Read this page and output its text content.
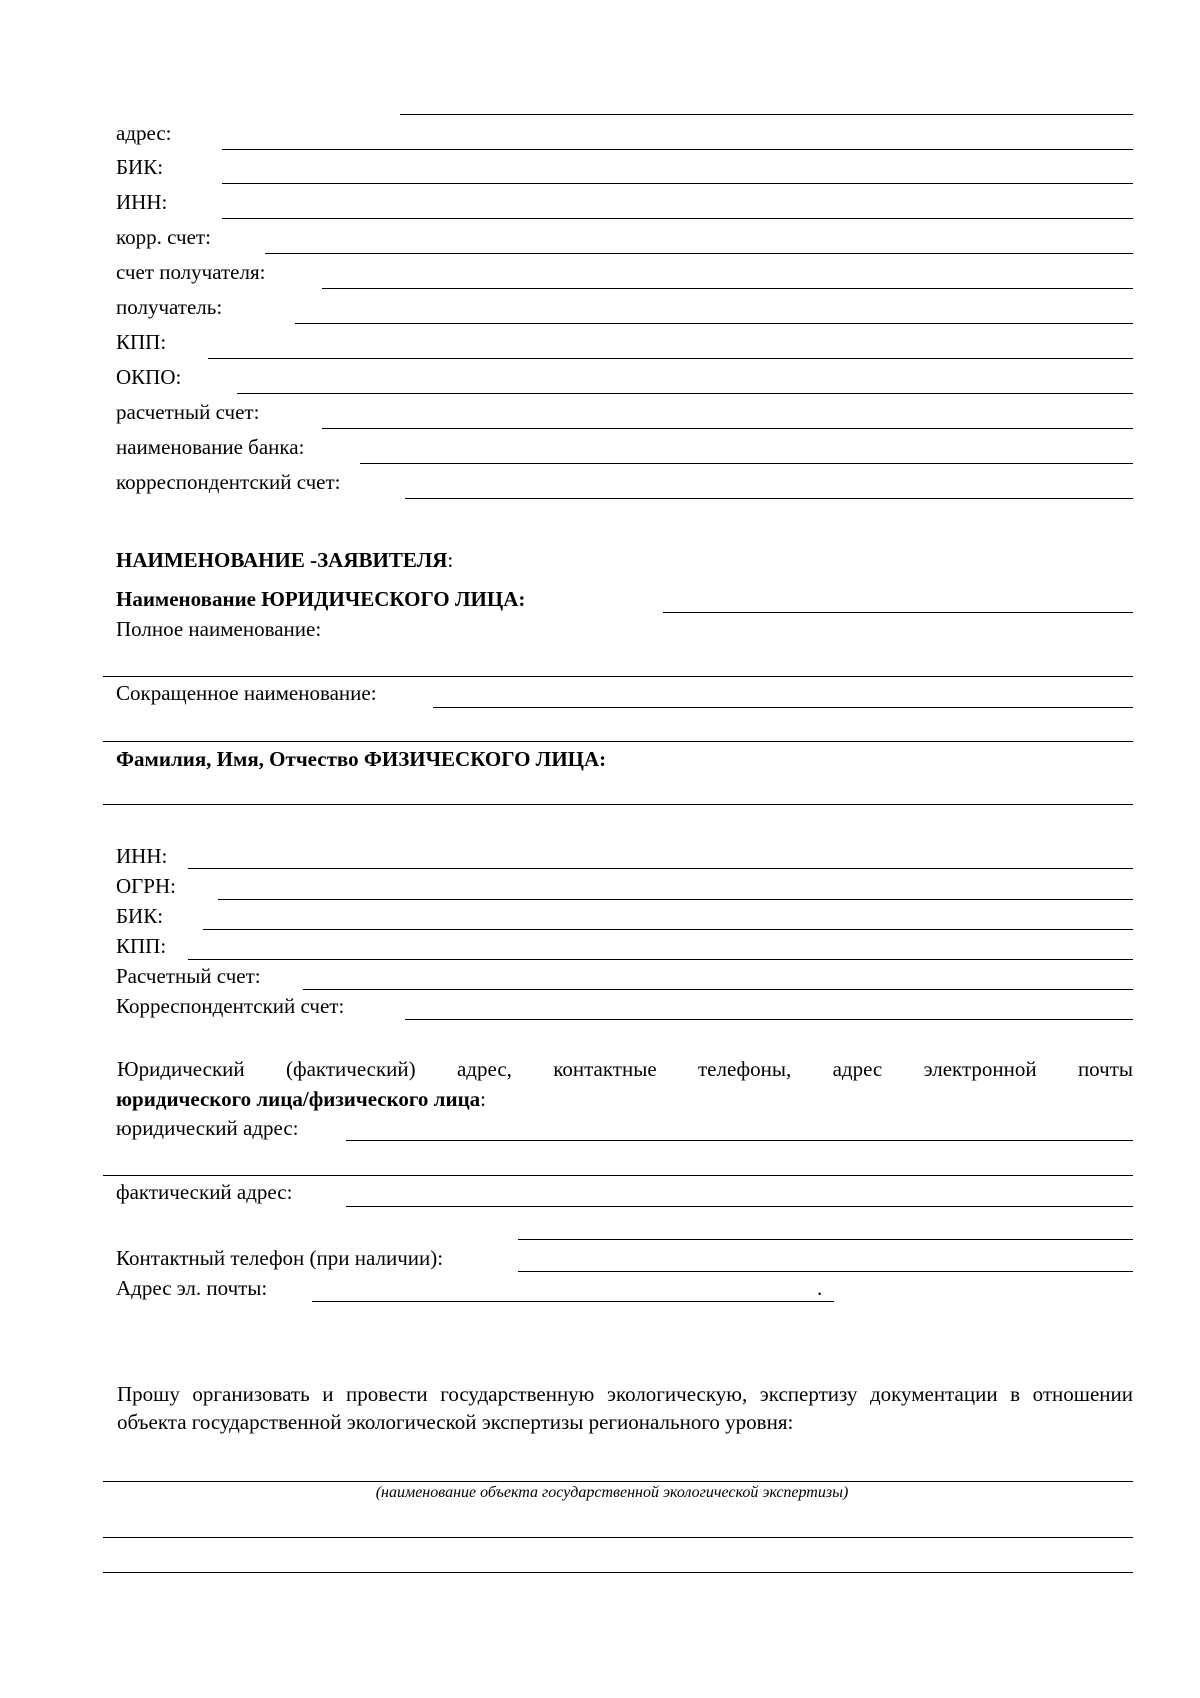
адрес:
БИК:
ИНН:
корр. счет:
счет получателя:
получатель:
КПП:
ОКПО:
расчетный счет:
наименование банка:
корреспондентский счет:
НАИМЕНОВАНИЕ -ЗАЯВИТЕЛЯ:
Наименование ЮРИДИЧЕСКОГО ЛИЦА:
Полное наименование:
Сокращенное наименование:
Фамилия, Имя, Отчество ФИЗИЧЕСКОГО ЛИЦА:
ИНН:
ОГРН:
БИК:
КПП:
Расчетный счет:
Корреспондентский счет:
Юридический (фактический) адрес, контактные телефоны, адрес электронной почты
юридического лица/физического лица:
юридический адрес:
фактический адрес:
Контактный телефон (при наличии):
Адрес эл. почты:	.
Прошу организовать и провести государственную экологическую, экспертизу документации в отношении объекта государственной экологической экспертизы регионального уровня:
(наименование объекта государственной экологической экспертизы)
